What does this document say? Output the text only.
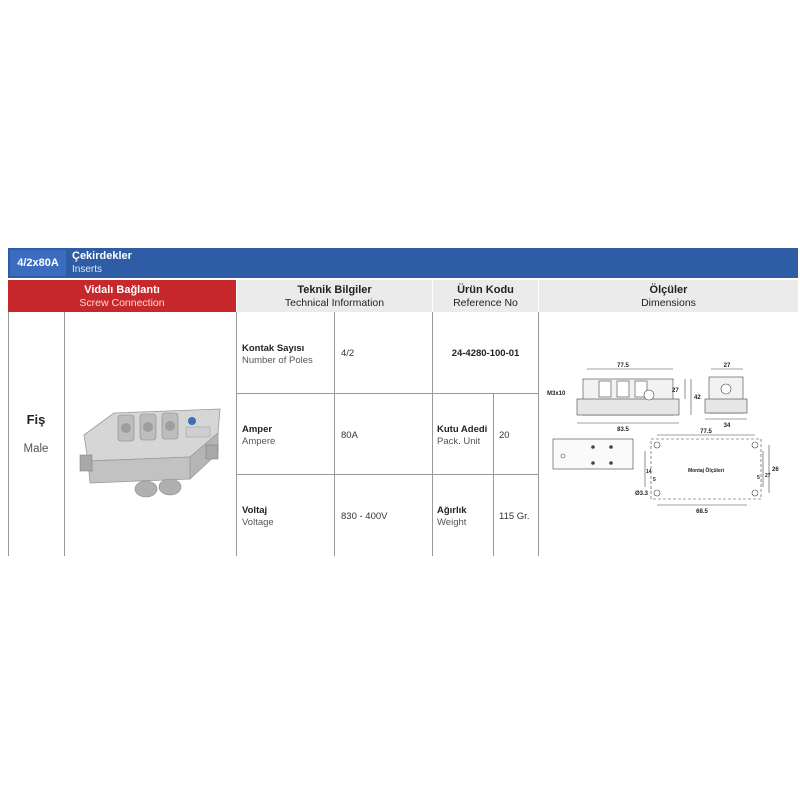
4/2x80A
Çekirdekler
Inserts
Vidalı Bağlantı
Screw Connection
Teknik Bilgiler
Technical Information
Ürün Kodu
Reference No
Ölçüler
Dimensions
Fiş
Male
Kontak Sayısı
Number of Poles
4/2
Amper
Ampere
80A
Voltaj
Voltage
830 - 400V
24-4280-100-01
Kutu Adedi
Pack. Unit
20
Ağırlık
Weight
115 Gr.
77.5
83.5
M3x10	27
42
27
34
77.5
68.5
Montaj Ölçüleri	26
27
5
14
5
Ø3.3
